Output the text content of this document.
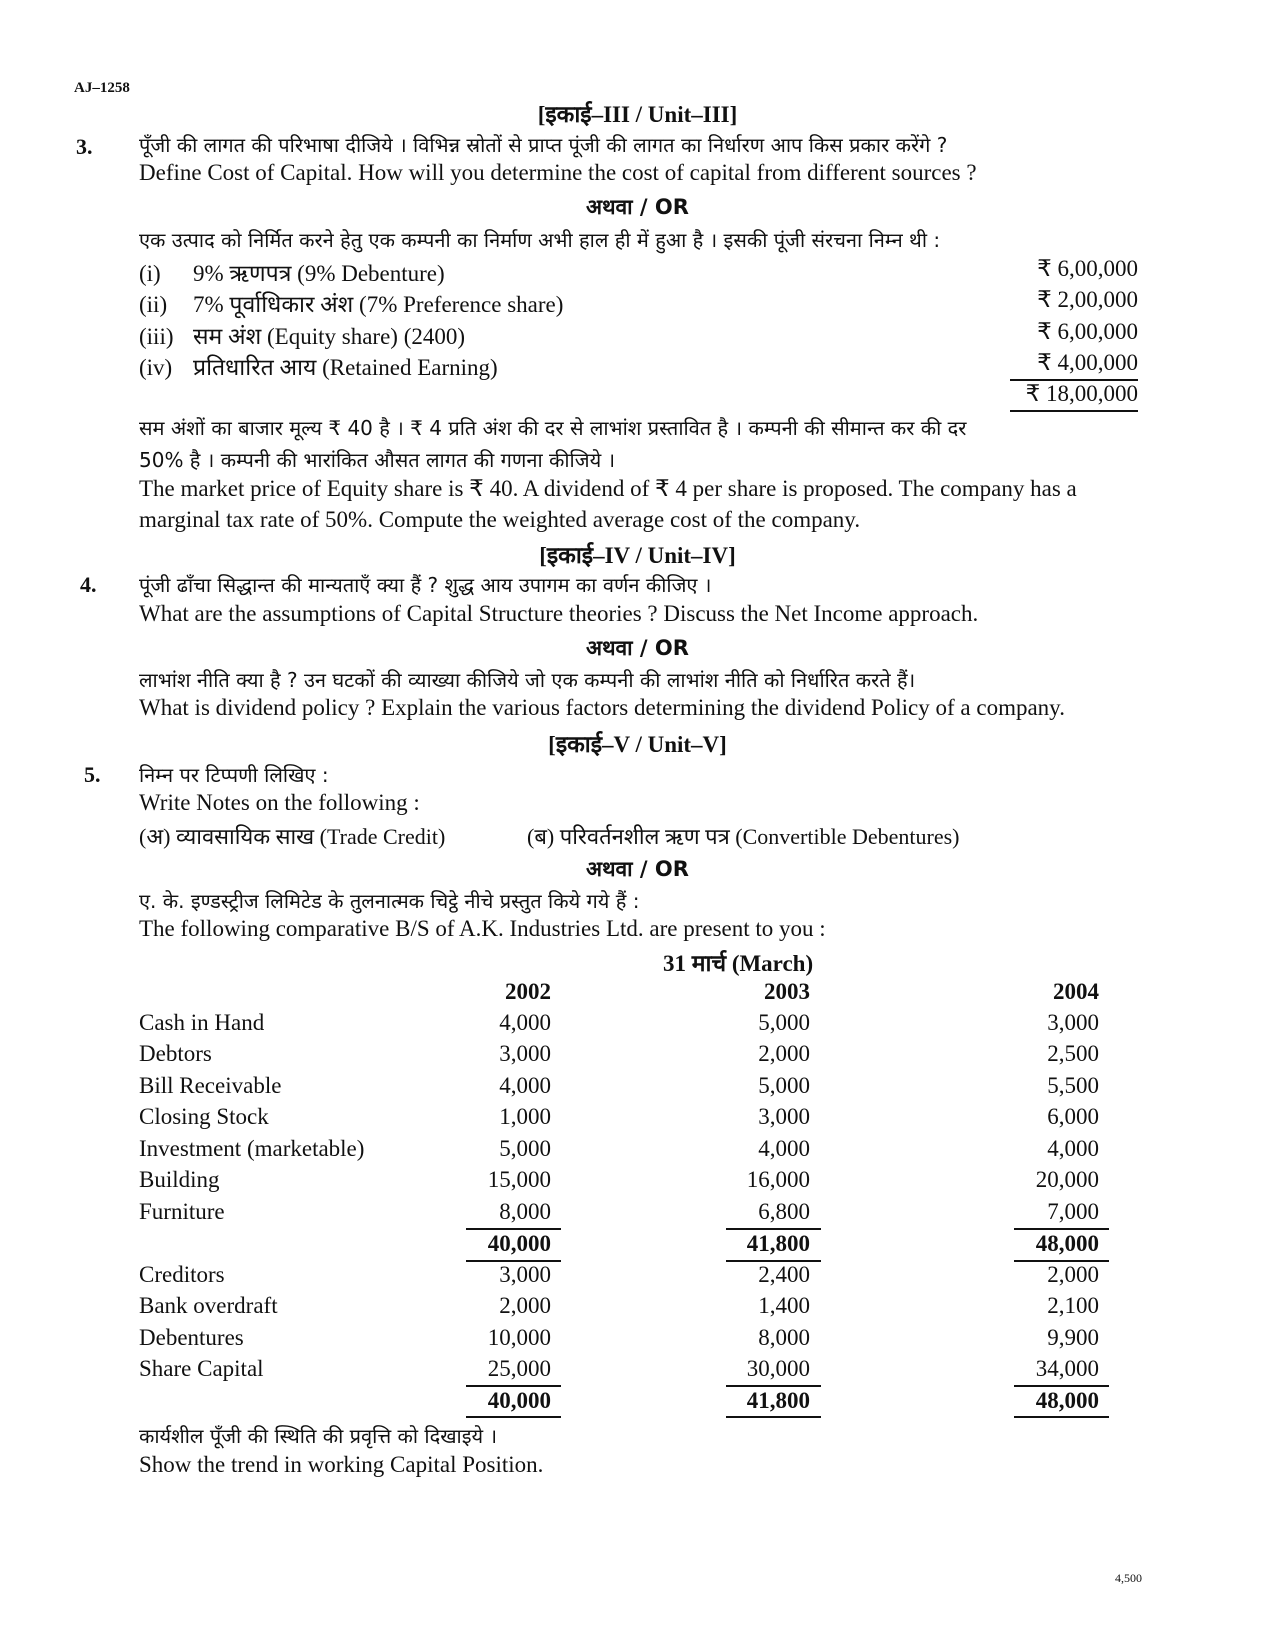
AJ–1258
[इकाई–III / Unit–III]
3. पूँजी की लागत की परिभाषा दीजिये । विभिन्न स्रोतों से प्राप्त पूंजी की लागत का निर्धारण आप किस प्रकार करेंगे ?
Define Cost of Capital. How will you determine the cost of capital from different sources ?
अथवा / OR
एक उत्पाद को निर्मित करने हेतु एक कम्पनी का निर्माण अभी हाल ही में हुआ है । इसकी पूंजी संरचना निम्न थी :
(i) 9% ऋणपत्र (9% Debenture)	₹ 6,00,000
(ii) 7% पूर्वाधिकार अंश (7% Preference share)	₹ 2,00,000
(iii) सम अंश (Equity share) (2400)	₹ 6,00,000
(iv) प्रतिधारित आय (Retained Earning)	₹ 4,00,000
₹ 18,00,000
सम अंशों का बाजार मूल्य ₹ 40 है । ₹ 4 प्रति अंश की दर से लाभांश प्रस्तावित है । कम्पनी की सीमान्त कर की दर
50% है । कम्पनी की भारांकित औसत लागत की गणना कीजिये ।
The market price of Equity share is ₹ 40. A dividend of ₹ 4 per share is proposed. The company has a
marginal tax rate of 50%. Compute the weighted average cost of the company.
[इकाई–IV / Unit–IV]
4. पूंजी ढाँचा सिद्धान्त की मान्यताएँ क्या हैं ? शुद्ध आय उपागम का वर्णन कीजिए ।
What are the assumptions of Capital Structure theories ? Discuss the Net Income approach.
अथवा / OR
लाभांश नीति क्या है ? उन घटकों की व्याख्या कीजिये जो एक कम्पनी की लाभांश नीति को निर्धारित करते हैं।
What is dividend policy ? Explain the various factors determining the dividend Policy of a company.
[इकाई–V / Unit–V]
5. निम्न पर टिप्पणी लिखिए :
Write Notes on the following :
(अ) व्यावसायिक साख (Trade Credit)	(ब) परिवर्तनशील ऋण पत्र (Convertible Debentures)
अथवा / OR
ए. के. इण्डस्ट्रीज लिमिटेड के तुलनात्मक चिट्ठे नीचे प्रस्तुत किये गये हैं :
The following comparative B/S of A.K. Industries Ltd. are present to you :
31 मार्च (March)
2002	2003	2004
Cash in Hand	4,000	5,000	3,000
Debtors	3,000	2,000	2,500
Bill Receivable	4,000	5,000	5,500
Closing Stock	1,000	3,000	6,000
Investment (marketable)	5,000	4,000	4,000
Building	15,000	16,000	20,000
Furniture	8,000	6,800	7,000
40,000	41,800	48,000
Creditors	3,000	2,400	2,000
Bank overdraft	2,000	1,400	2,100
Debentures	10,000	8,000	9,900
Share Capital	25,000	30,000	34,000
40,000	41,800	48,000
कार्यशील पूँजी की स्थिति की प्रवृत्ति को दिखाइये ।
Show the trend in working Capital Position.
4,500
